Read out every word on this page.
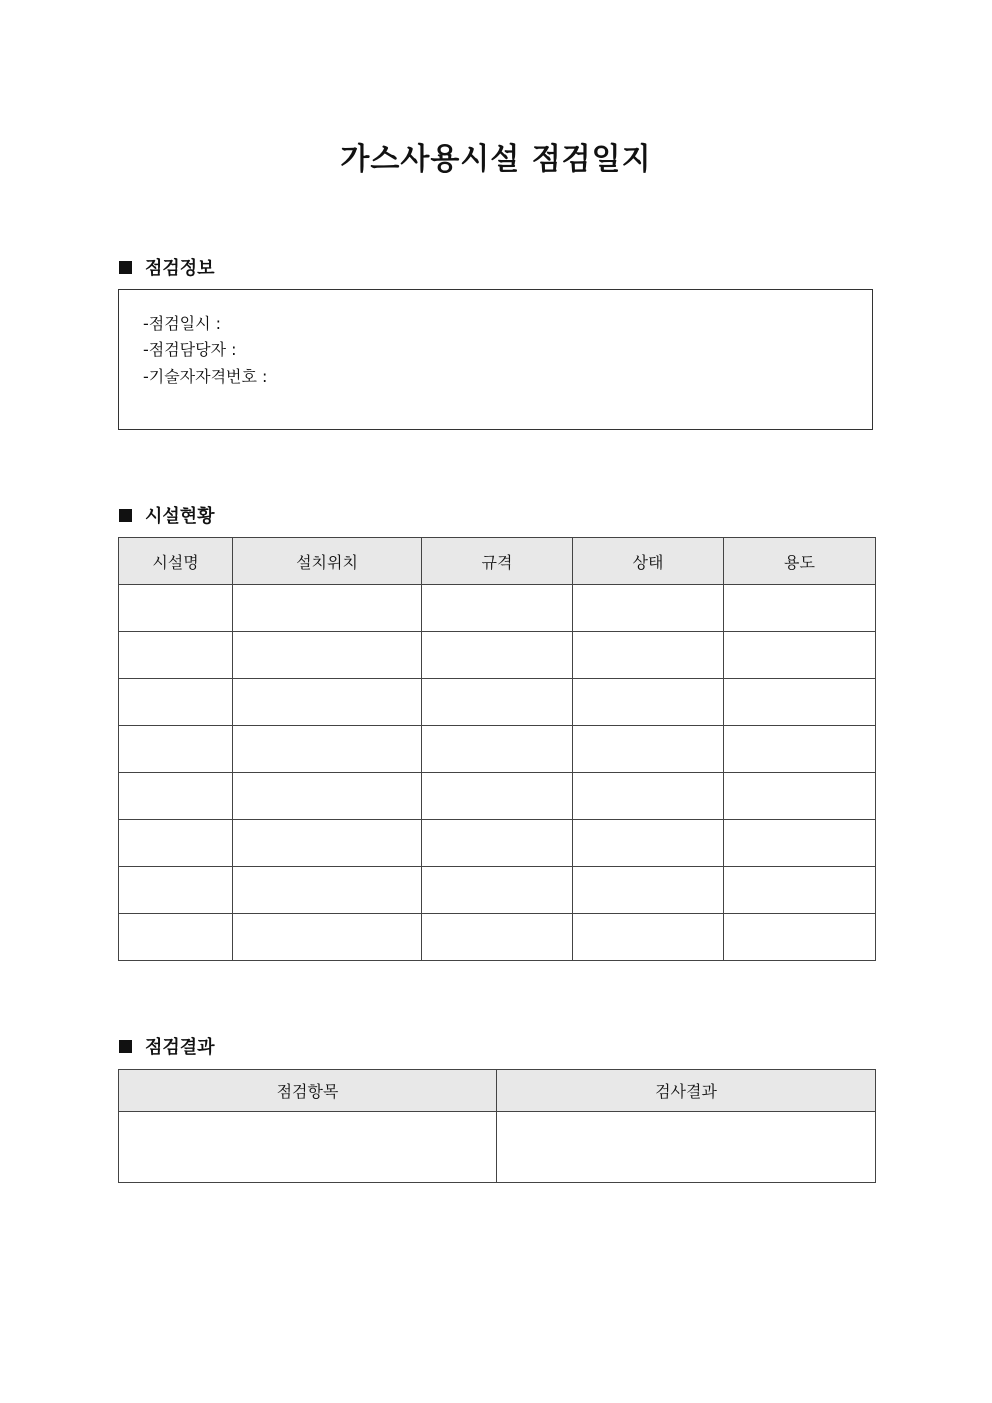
가스사용시설 점검일지
점검정보
-점검일시 :
-점검담당자 :
-기술자자격번호 :
시설현황
시설명	설치위치	규격	상태	용도

점검결과
점검항목	검사결과
